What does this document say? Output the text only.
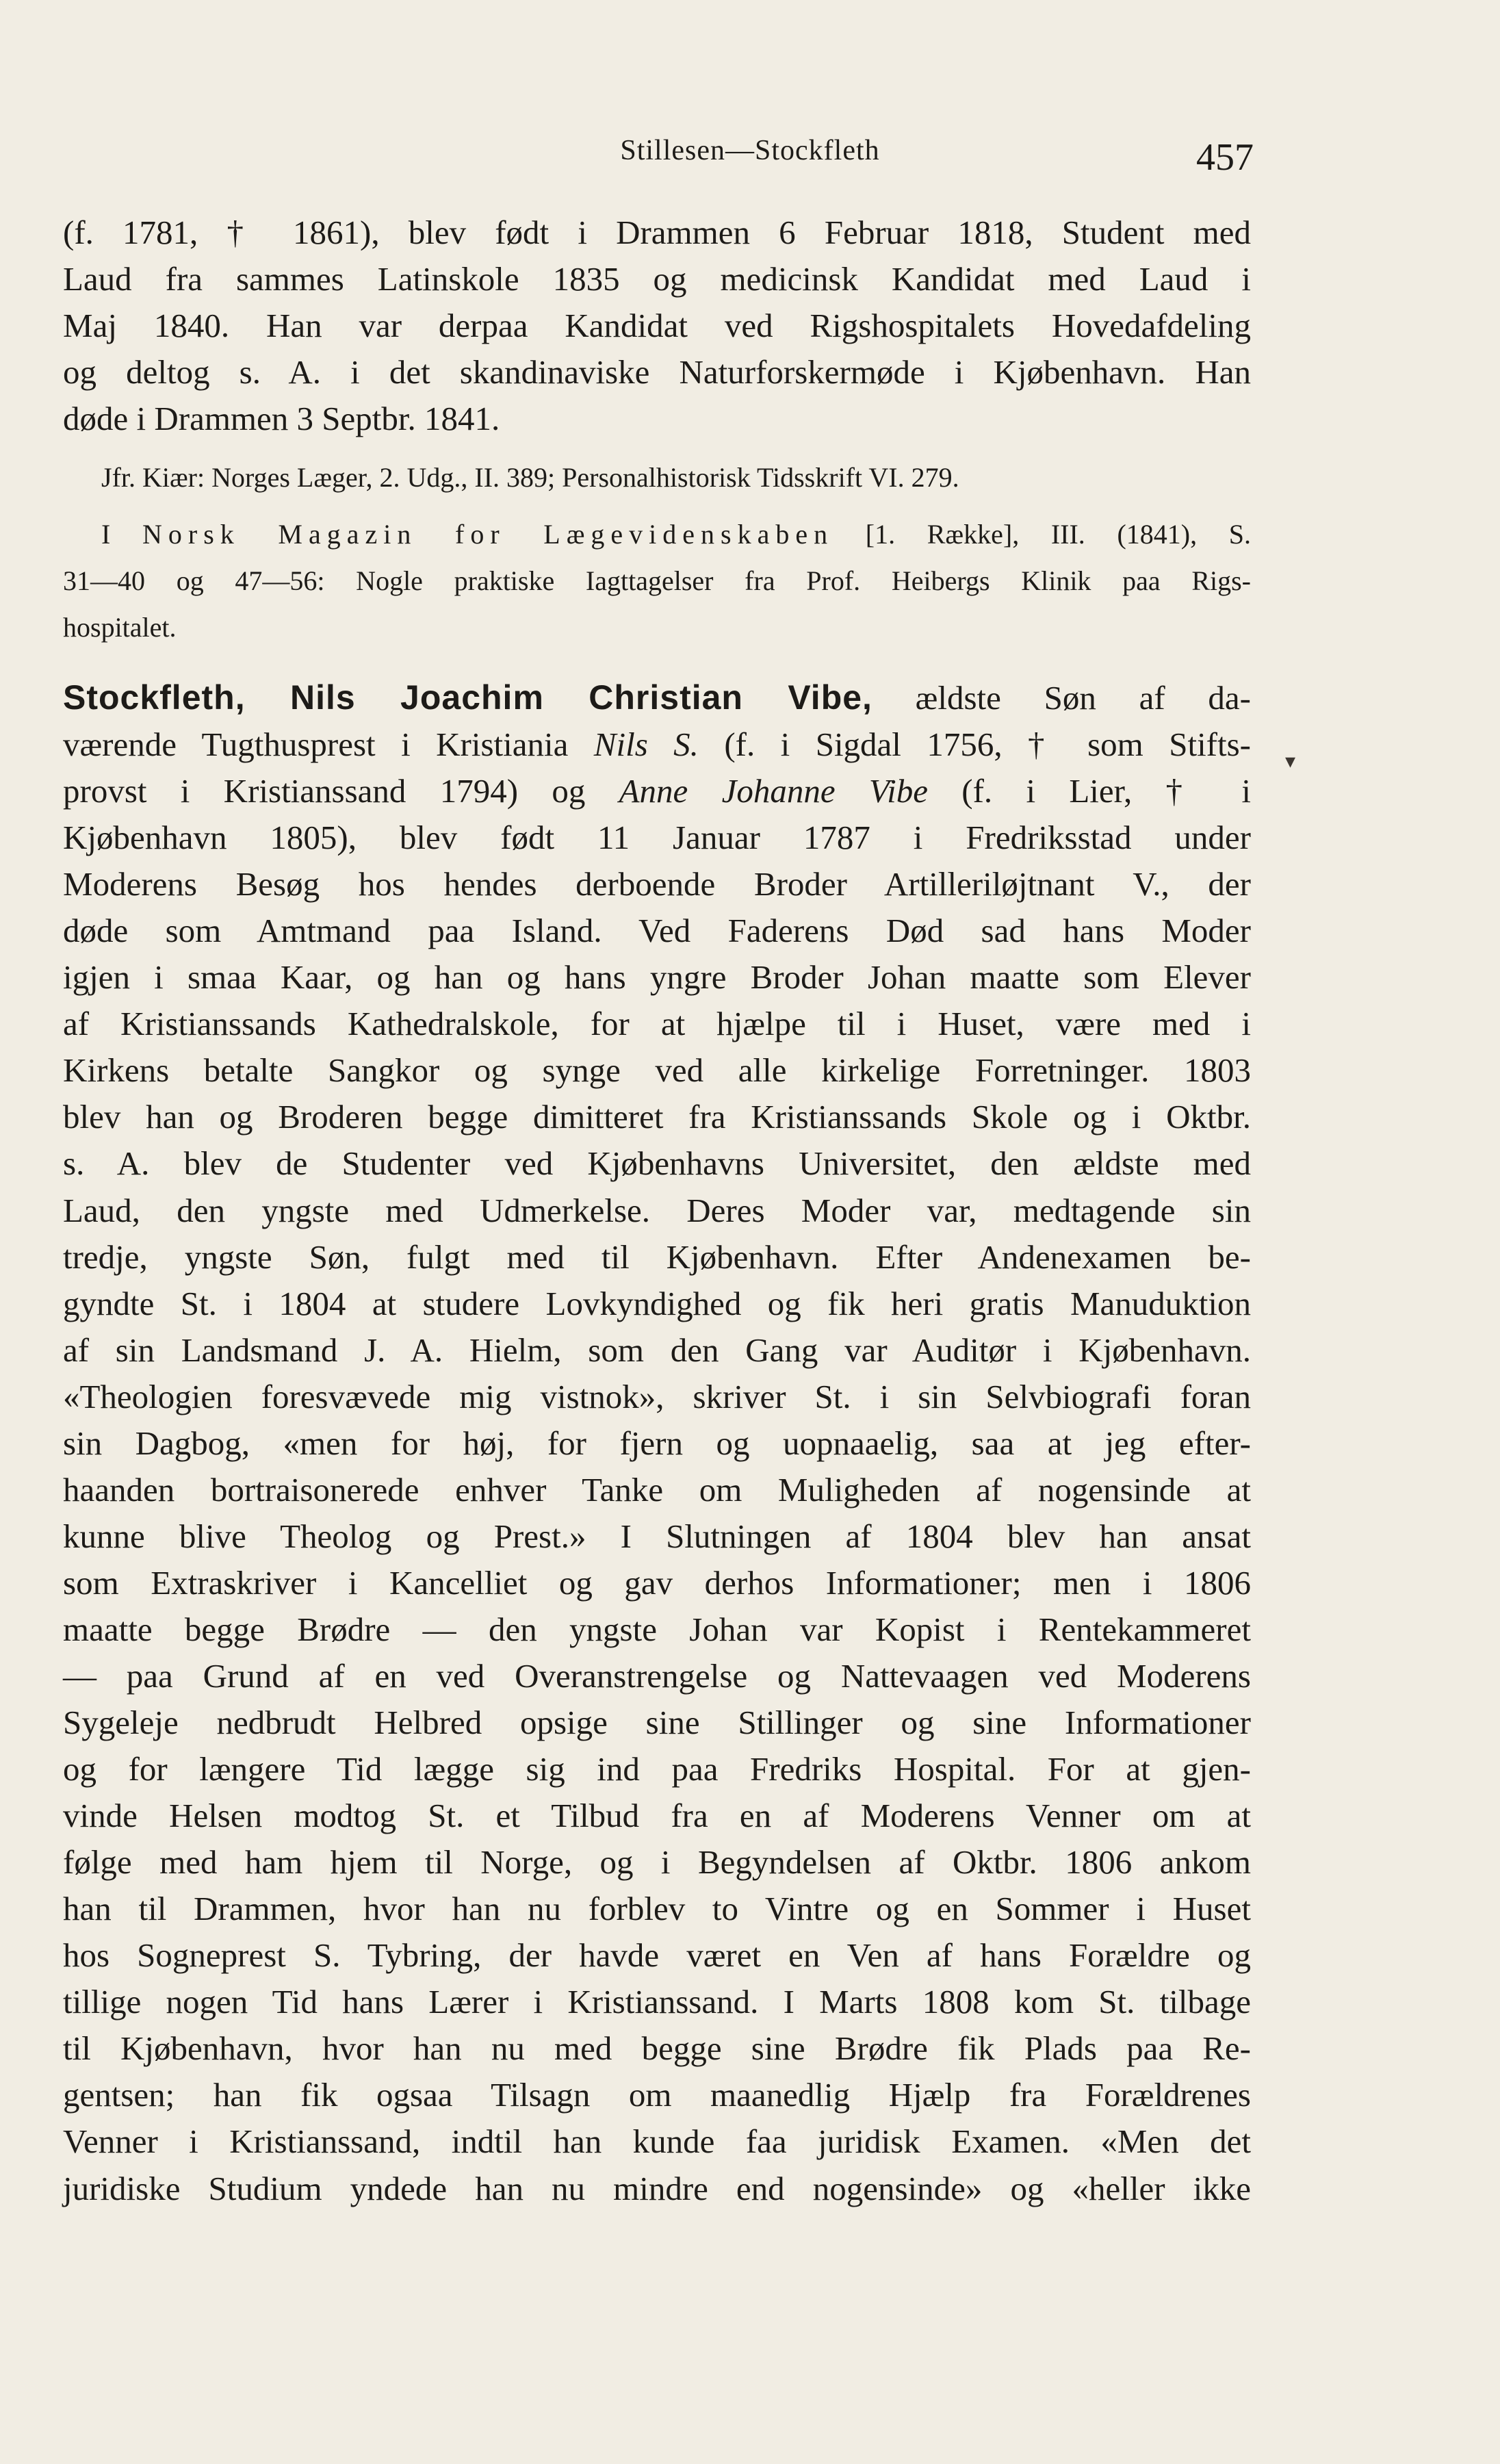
Stillesen—Stockfleth	457
(f. 1781, † 1861), blev født i Drammen 6 Februar 1818, Student med
Laud fra sammes Latinskole 1835 og medicinsk Kandidat med Laud i
Maj 1840. Han var derpaa Kandidat ved Rigshospitalets Hovedafdeling
og deltog s. A. i det skandinaviske Naturforskermøde i Kjøbenhavn. Han
døde i Drammen 3 Septbr. 1841.
Jfr. Kiær: Norges Læger, 2. Udg., II. 389; Personalhistorisk Tidsskrift VI. 279.
I Norsk Magazin for Lægevidenskaben [1. Række], III. (1841), S.
31—40 og 47—56: Nogle praktiske Iagttagelser fra Prof. Heibergs Klinik paa Rigs-
hospitalet.
Stockfleth, Nils Joachim Christian Vibe, ældste Søn af da-
værende Tugthusprest i Kristiania Nils S. (f. i Sigdal 1756, † som Stifts-
provst i Kristianssand 1794) og Anne Johanne Vibe (f. i Lier, † i
Kjøbenhavn 1805), blev født 11 Januar 1787 i Fredriksstad under
Moderens Besøg hos hendes derboende Broder Artilleriløjtnant V., der
døde som Amtmand paa Island. Ved Faderens Død sad hans Moder
igjen i smaa Kaar, og han og hans yngre Broder Johan maatte som Elever
af Kristianssands Kathedralskole, for at hjælpe til i Huset, være med i
Kirkens betalte Sangkor og synge ved alle kirkelige Forretninger. 1803
blev han og Broderen begge dimitteret fra Kristianssands Skole og i Oktbr.
s. A. blev de Studenter ved Kjøbenhavns Universitet, den ældste med
Laud, den yngste med Udmerkelse. Deres Moder var, medtagende sin
tredje, yngste Søn, fulgt med til Kjøbenhavn. Efter Andenexamen be-
gyndte St. i 1804 at studere Lovkyndighed og fik heri gratis Manuduktion
af sin Landsmand J. A. Hielm, som den Gang var Auditør i Kjøbenhavn.
«Theologien foresvævede mig vistnok», skriver St. i sin Selvbiografi foran
sin Dagbog, «men for høj, for fjern og uopnaaelig, saa at jeg efter-
haanden bortraisonerede enhver Tanke om Muligheden af nogensinde at
kunne blive Theolog og Prest.» I Slutningen af 1804 blev han ansat
som Extraskriver i Kancelliet og gav derhos Informationer; men i 1806
maatte begge Brødre — den yngste Johan var Kopist i Rentekammeret
— paa Grund af en ved Overanstrengelse og Nattevaagen ved Moderens
Sygeleje nedbrudt Helbred opsige sine Stillinger og sine Informationer
og for længere Tid lægge sig ind paa Fredriks Hospital. For at gjen-
vinde Helsen modtog St. et Tilbud fra en af Moderens Venner om at
følge med ham hjem til Norge, og i Begyndelsen af Oktbr. 1806 ankom
han til Drammen, hvor han nu forblev to Vintre og en Sommer i Huset
hos Sogneprest S. Tybring, der havde været en Ven af hans Forældre og
tillige nogen Tid hans Lærer i Kristianssand. I Marts 1808 kom St. tilbage
til Kjøbenhavn, hvor han nu med begge sine Brødre fik Plads paa Re-
gentsen; han fik ogsaa Tilsagn om maanedlig Hjælp fra Forældrenes
Venner i Kristianssand, indtil han kunde faa juridisk Examen. «Men det
juridiske Studium yndede han nu mindre end nogensinde» og «heller ikke
▾
